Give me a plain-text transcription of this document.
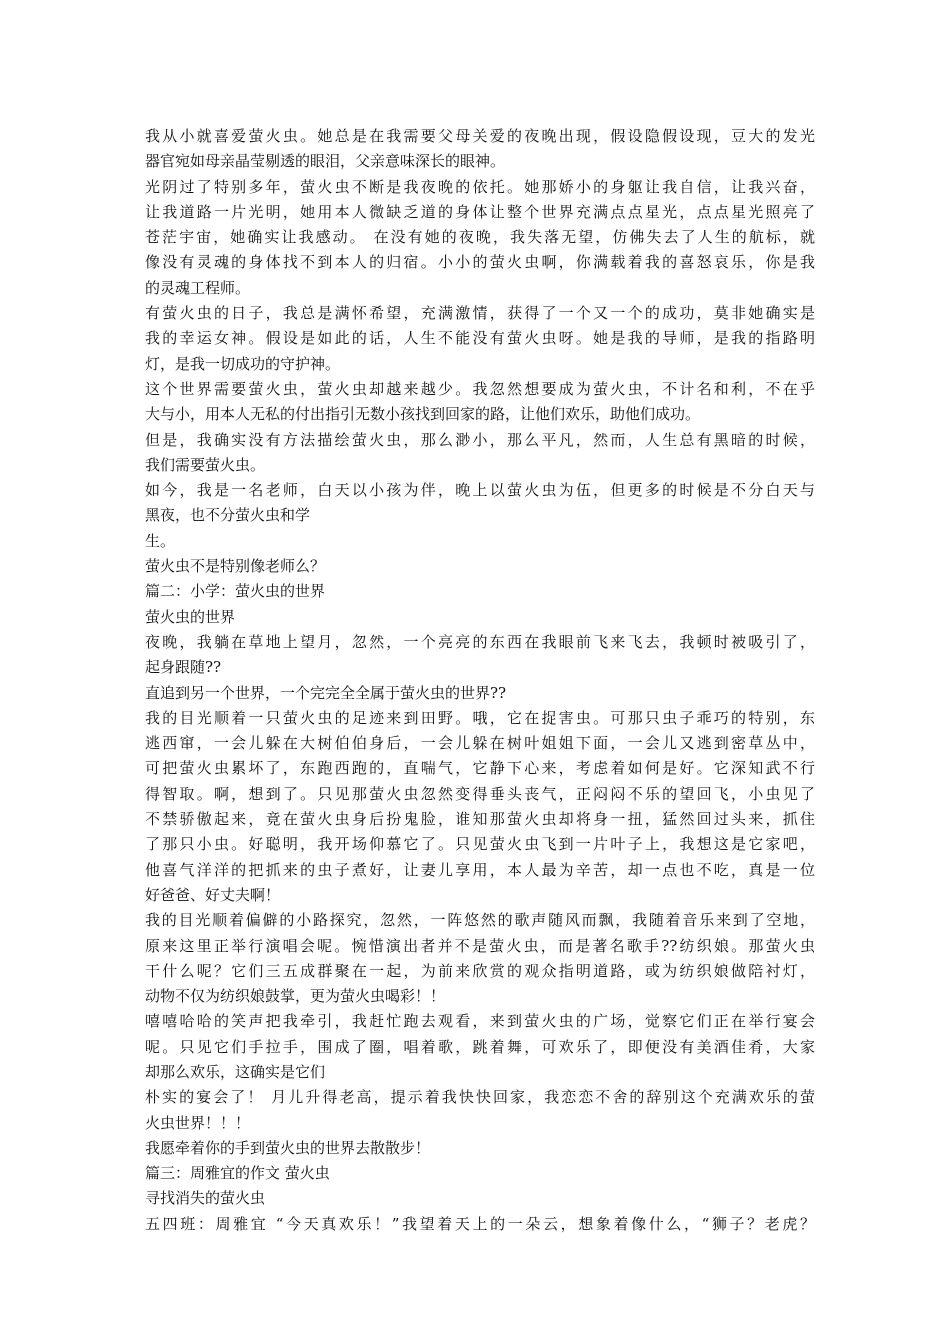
我从小就喜爱萤火虫。她总是在我需要父母关爱的夜晚出现，假设隐假设现，豆大的发光
器官宛如母亲晶莹剔透的眼泪，父亲意味深长的眼神。
光阴过了特别多年，萤火虫不断是我夜晚的依托。她那娇小的身躯让我自信，让我兴奋，
让我道路一片光明，她用本人微缺乏道的身体让整个世界充满点点星光，点点星光照亮了
苍茫宇宙，她确实让我感动。 在没有她的夜晚，我失落无望，仿佛失去了人生的航标，就
像没有灵魂的身体找不到本人的归宿。小小的萤火虫啊，你满载着我的喜怒哀乐，你是我
的灵魂工程师。
有萤火虫的日子，我总是满怀希望，充满激情，获得了一个又一个的成功，莫非她确实是
我的幸运女神。假设是如此的话，人生不能没有萤火虫呀。她是我的导师，是我的指路明
灯，是我一切成功的守护神。
这个世界需要萤火虫，萤火虫却越来越少。我忽然想要成为萤火虫，不计名和利，不在乎
大与小，用本人无私的付出指引无数小孩找到回家的路，让他们欢乐，助他们成功。
但是，我确实没有方法描绘萤火虫，那么渺小，那么平凡，然而，人生总有黑暗的时候，
我们需要萤火虫。
如今，我是一名老师，白天以小孩为伴，晚上以萤火虫为伍，但更多的时候是不分白天与
黑夜，也不分萤火虫和学
生。
萤火虫不是特别像老师么？
篇二：小学：萤火虫的世界
萤火虫的世界
夜晚，我躺在草地上望月，忽然，一个亮亮的东西在我眼前飞来飞去，我顿时被吸引了，
起身跟随??
直追到另一个世界，一个完完全全属于萤火虫的世界??
我的目光顺着一只萤火虫的足迹来到田野。哦，它在捉害虫。可那只虫子乖巧的特别，东
逃西窜，一会儿躲在大树伯伯身后，一会儿躲在树叶姐姐下面，一会儿又逃到密草丛中，
可把萤火虫累坏了，东跑西跑的，直喘气，它静下心来，考虑着如何是好。它深知武不行
得智取。啊，想到了。只见那萤火虫忽然变得垂头丧气，正闷闷不乐的望回飞，小虫见了
不禁骄傲起来，竟在萤火虫身后扮鬼脸，谁知那萤火虫却将身一扭，猛然回过头来，抓住
了那只小虫。好聪明，我开场仰慕它了。只见萤火虫飞到一片叶子上，我想这是它家吧，
他喜气洋洋的把抓来的虫子煮好，让妻儿享用，本人最为辛苦，却一点也不吃，真是一位
好爸爸、好丈夫啊！
我的目光顺着偏僻的小路探究，忽然，一阵悠然的歌声随风而飘，我随着音乐来到了空地，
原来这里正举行演唱会呢。惋惜演出者并不是萤火虫，而是著名歌手??纺织娘。那萤火虫
干什么呢？它们三五成群聚在一起，为前来欣赏的观众指明道路，或为纺织娘做陪衬灯，
动物不仅为纺织娘鼓掌，更为萤火虫喝彩！！
嘻嘻哈哈的笑声把我牵引，我赶忙跑去观看，来到萤火虫的广场，觉察它们正在举行宴会
呢。只见它们手拉手，围成了圈，唱着歌，跳着舞，可欢乐了，即便没有美酒佳肴，大家
却那么欢乐，这确实是它们
朴实的宴会了！ 月儿升得老高，提示着我快快回家，我恋恋不舍的辞别这个充满欢乐的萤
火虫世界！！！
我愿牵着你的手到萤火虫的世界去散散步！
篇三：周雅宜的作文 萤火虫
寻找消失的萤火虫
五四班：周雅宜 “今天真欢乐！”我望着天上的一朵云，想象着像什么，“狮子？老虎？
